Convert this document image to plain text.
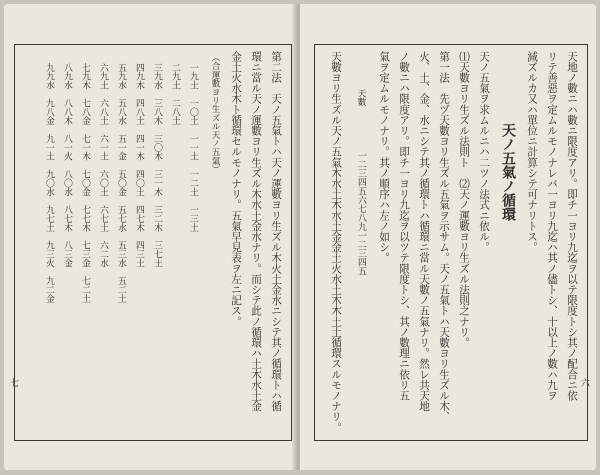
第二法　天ノ五氣トハ天ノ運數ヨリ生ズル木火土金水ニシテ其ノ循環トハ循
環ニ當ル天ノ運數ヨリ生ズル木水土金水ナリ。而シテ此ノ循環ハ土木水土金
金土火水木ト循環セルモノナリ。五氣早見表ヲ左ニ記ス。
（合運數ヨリ生ズル天ノ五氣）
一九土　一〇土　一一土　一二土　一三土
二九土　二八土
三九水　三八木　三〇木　三一木　三二木　三七土
四九木　四八土　四一木　四〇土　四七木　四三土
五九水　五八水　五一金　五〇金　五七水　五三水　五二土
六九土　六八土　六一土　六〇土　六七土　六二水
七九木　七八金　七一木　七〇金　七七木　七三金　七二土
八九水　八八木　八一火　八〇水　八七木　八三金
九九水　九八金　九一土　九〇水　九七土　九三火　九二金
七	天地ノ數ニハ數ニ限度アリ。即チ一ヨリ九迄ヲ以テ限度トシ其ノ配合ニ依
リテ善惡ヲ定ムルモノナレバ一ヨリ九迄ハ其ノ儘トシ、十以上ノ數ハ九ヲ
減ズルカ又ハ單位ニ計算シテ可ナリトス。
天ノ五氣ノ循環
天ノ五氣ヲ求ムルニハ二ツノ法式ニ依ル。
⑴天數ヨリ生ズル法則ト　⑵天ノ運數ヨリ生ズル法則之ナリ。
第一法　先ヅ天數ヨリ生ズル五氣ヲ示サム。天ノ五氣トハ天數ヨリ生ズル木、
火、土、金、水ニシテ其ノ循環トハ循環ニ當ル天數ノ五氣ナリ。然レ共天地
ノ數ニハ限度アリ。即チ一ヨリ九迄ヲ以ツテ限度トシ、其ノ數理ニ依リ五
氣ヲ定ムルモノナリ。其ノ順序ハ左ノ如シ。
天數
一二三四五六七八九一二三四五
天數ヨリ生ズル天ノ五氣木水土木水土金金土火水土木木土土循環スルモノナリ。	六
